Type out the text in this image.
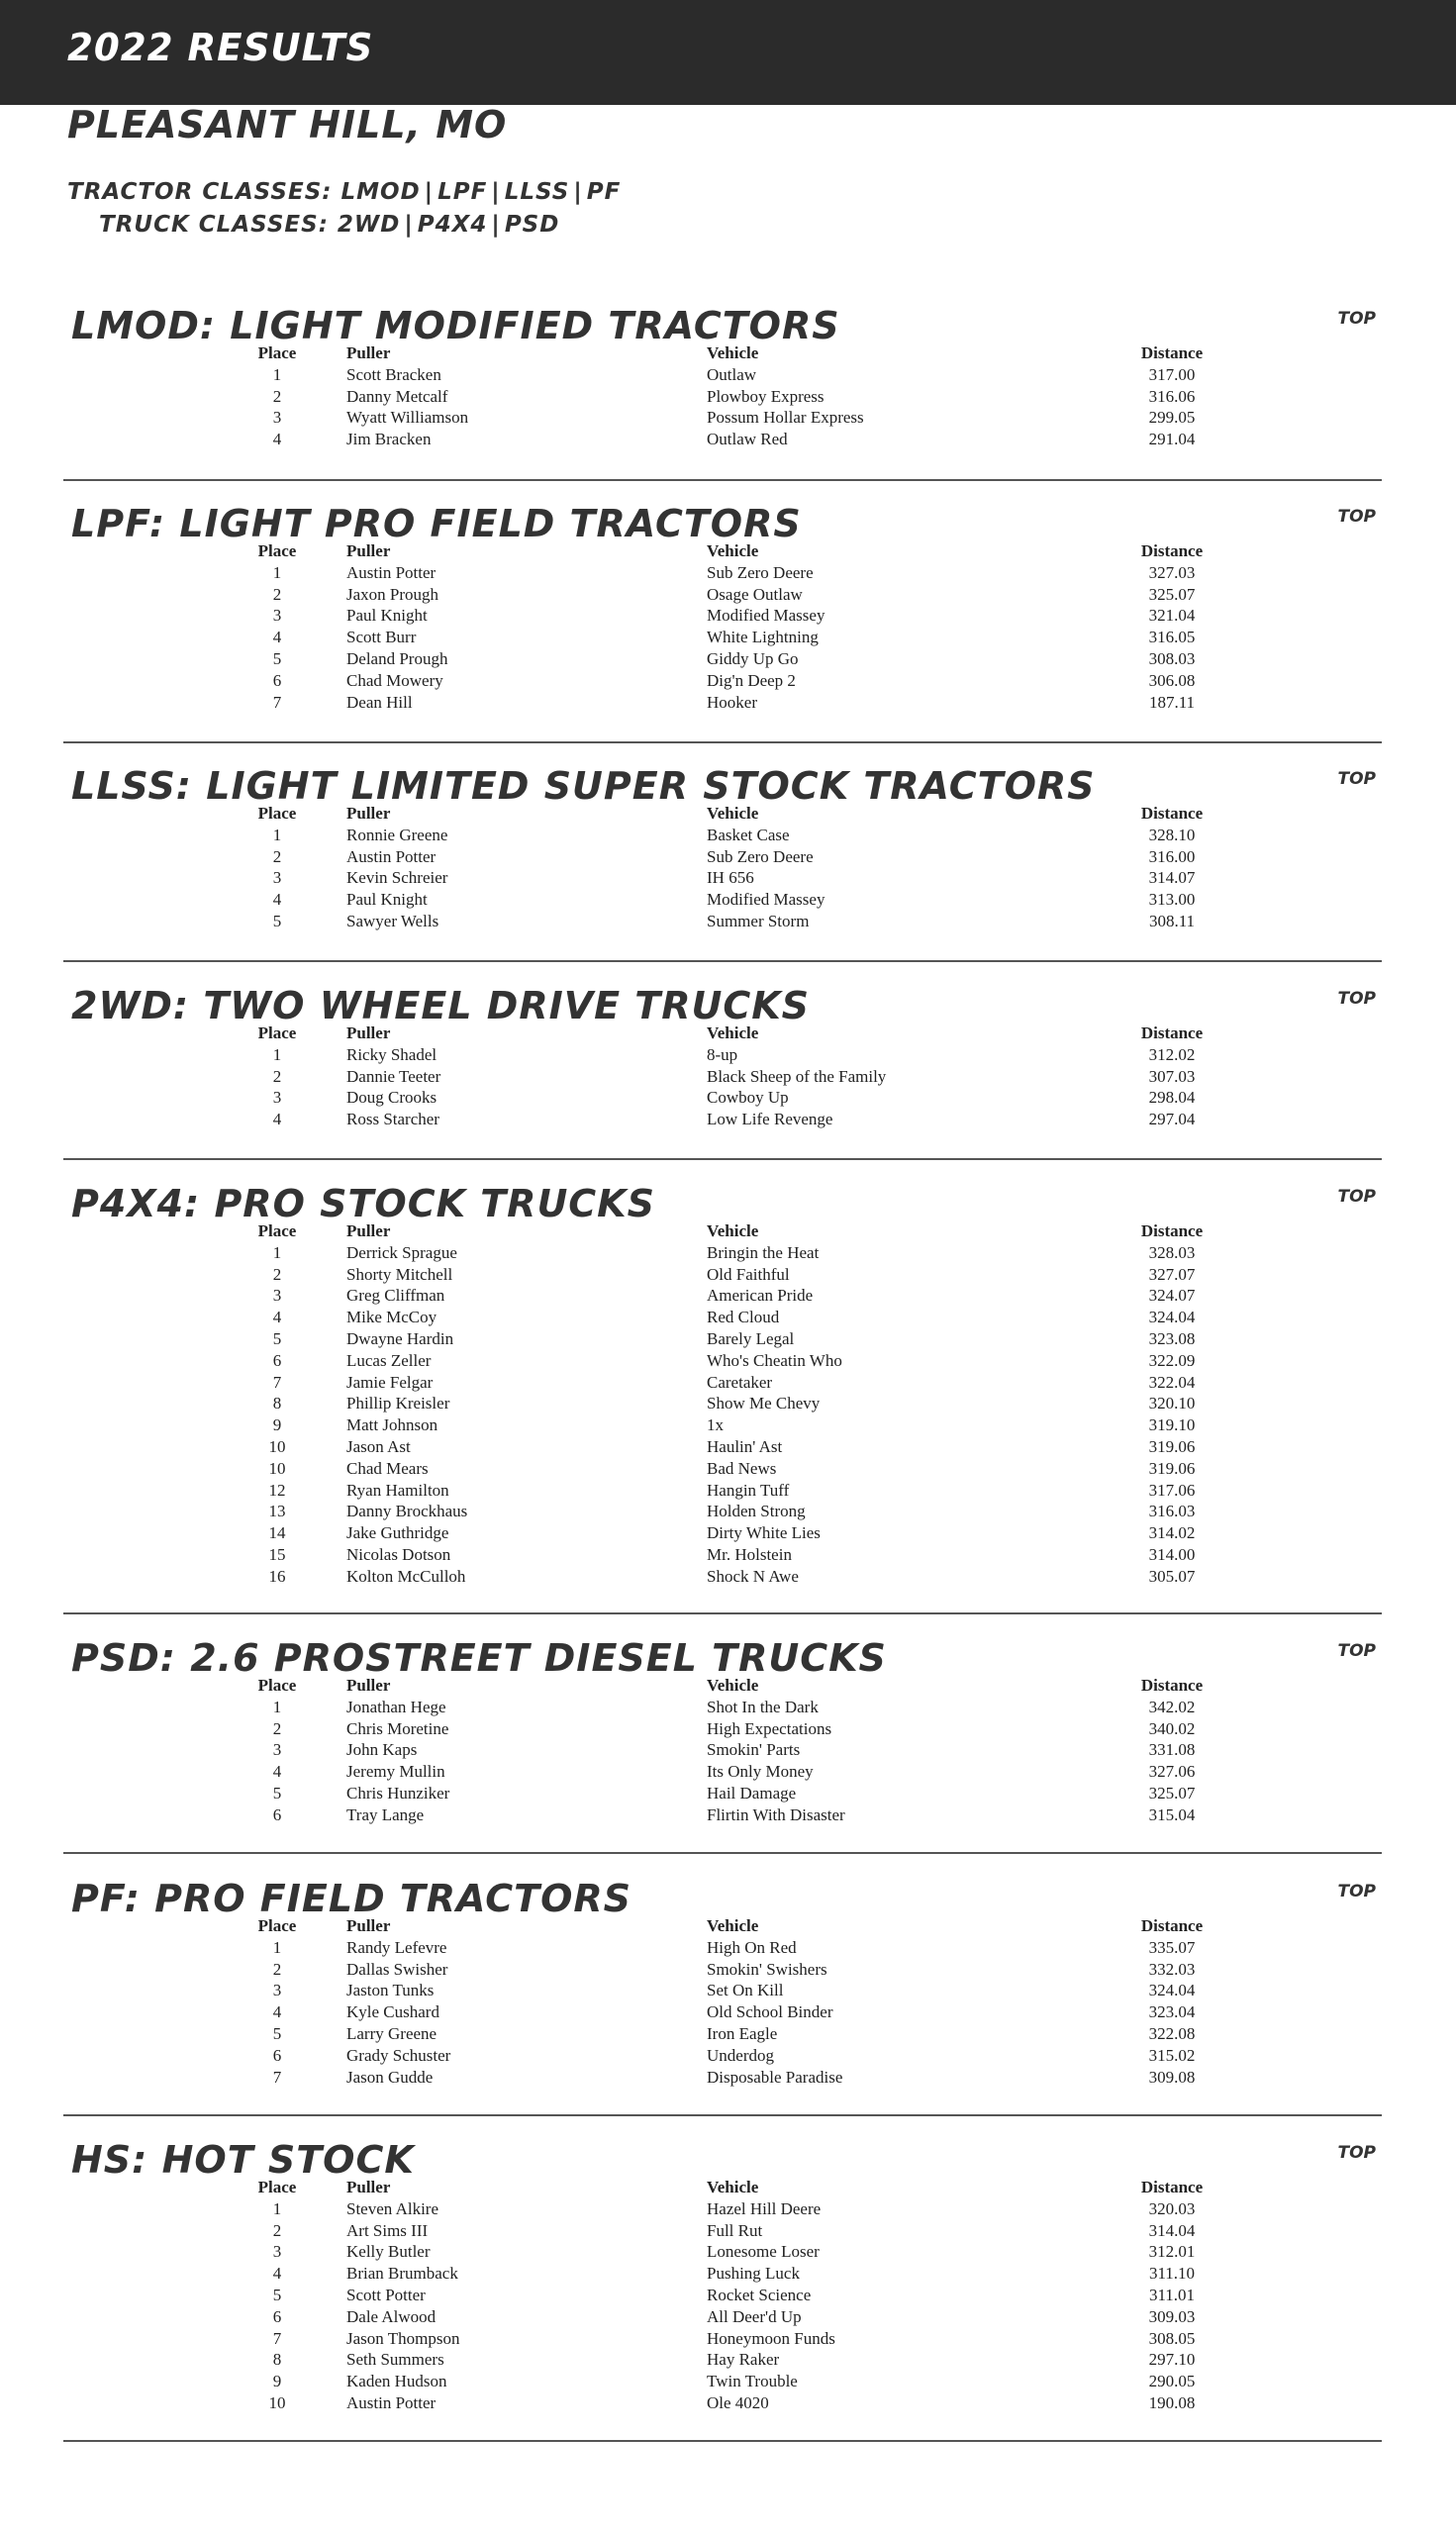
2022 RESULTS
PLEASANT HILL, MO
TRACTOR CLASSES: LMOD | LPF | LLSS | PF
TRUCK CLASSES: 2WD | P4X4 | PSD
LMOD: LIGHT MODIFIED TRACTORS	TOP
Place	Puller	Vehicle	Distance
1	Scott Bracken	Outlaw	317.00
2	Danny Metcalf	Plowboy Express	316.06
3	Wyatt Williamson	Possum Hollar Express	299.05
4	Jim Bracken	Outlaw Red	291.04
LPF: LIGHT PRO FIELD TRACTORS	TOP
Place	Puller	Vehicle	Distance
1	Austin Potter	Sub Zero Deere	327.03
2	Jaxon Prough	Osage Outlaw	325.07
3	Paul Knight	Modified Massey	321.04
4	Scott Burr	White Lightning	316.05
5	Deland Prough	Giddy Up Go	308.03
6	Chad Mowery	Dig'n Deep 2	306.08
7	Dean Hill	Hooker	187.11
LLSS: LIGHT LIMITED SUPER STOCK TRACTORS	TOP
Place	Puller	Vehicle	Distance
1	Ronnie Greene	Basket Case	328.10
2	Austin Potter	Sub Zero Deere	316.00
3	Kevin Schreier	IH 656	314.07
4	Paul Knight	Modified Massey	313.00
5	Sawyer Wells	Summer Storm	308.11
2WD: TWO WHEEL DRIVE TRUCKS	TOP
Place	Puller	Vehicle	Distance
1	Ricky Shadel	8-up	312.02
2	Dannie Teeter	Black Sheep of the Family	307.03
3	Doug Crooks	Cowboy Up	298.04
4	Ross Starcher	Low Life Revenge	297.04
P4X4: PRO STOCK TRUCKS	TOP
Place	Puller	Vehicle	Distance
1	Derrick Sprague	Bringin the Heat	328.03
2	Shorty Mitchell	Old Faithful	327.07
3	Greg Cliffman	American Pride	324.07
4	Mike McCoy	Red Cloud	324.04
5	Dwayne Hardin	Barely Legal	323.08
6	Lucas Zeller	Who's Cheatin Who	322.09
7	Jamie Felgar	Caretaker	322.04
8	Phillip Kreisler	Show Me Chevy	320.10
9	Matt Johnson	1x	319.10
10	Jason Ast	Haulin' Ast	319.06
10	Chad Mears	Bad News	319.06
12	Ryan Hamilton	Hangin Tuff	317.06
13	Danny Brockhaus	Holden Strong	316.03
14	Jake Guthridge	Dirty White Lies	314.02
15	Nicolas Dotson	Mr. Holstein	314.00
16	Kolton McCulloh	Shock N Awe	305.07
PSD: 2.6 PROSTREET DIESEL TRUCKS	TOP
Place	Puller	Vehicle	Distance
1	Jonathan Hege	Shot In the Dark	342.02
2	Chris Moretine	High Expectations	340.02
3	John Kaps	Smokin' Parts	331.08
4	Jeremy Mullin	Its Only Money	327.06
5	Chris Hunziker	Hail Damage	325.07
6	Tray Lange	Flirtin With Disaster	315.04
PF: PRO FIELD TRACTORS	TOP
Place	Puller	Vehicle	Distance
1	Randy Lefevre	High On Red	335.07
2	Dallas Swisher	Smokin' Swishers	332.03
3	Jaston Tunks	Set On Kill	324.04
4	Kyle Cushard	Old School Binder	323.04
5	Larry Greene	Iron Eagle	322.08
6	Grady Schuster	Underdog	315.02
7	Jason Gudde	Disposable Paradise	309.08
HS: HOT STOCK	TOP
Place	Puller	Vehicle	Distance
1	Steven Alkire	Hazel Hill Deere	320.03
2	Art Sims III	Full Rut	314.04
3	Kelly Butler	Lonesome Loser	312.01
4	Brian Brumback	Pushing Luck	311.10
5	Scott Potter	Rocket Science	311.01
6	Dale Alwood	All Deer'd Up	309.03
7	Jason Thompson	Honeymoon Funds	308.05
8	Seth Summers	Hay Raker	297.10
9	Kaden Hudson	Twin Trouble	290.05
10	Austin Potter	Ole 4020	190.08
